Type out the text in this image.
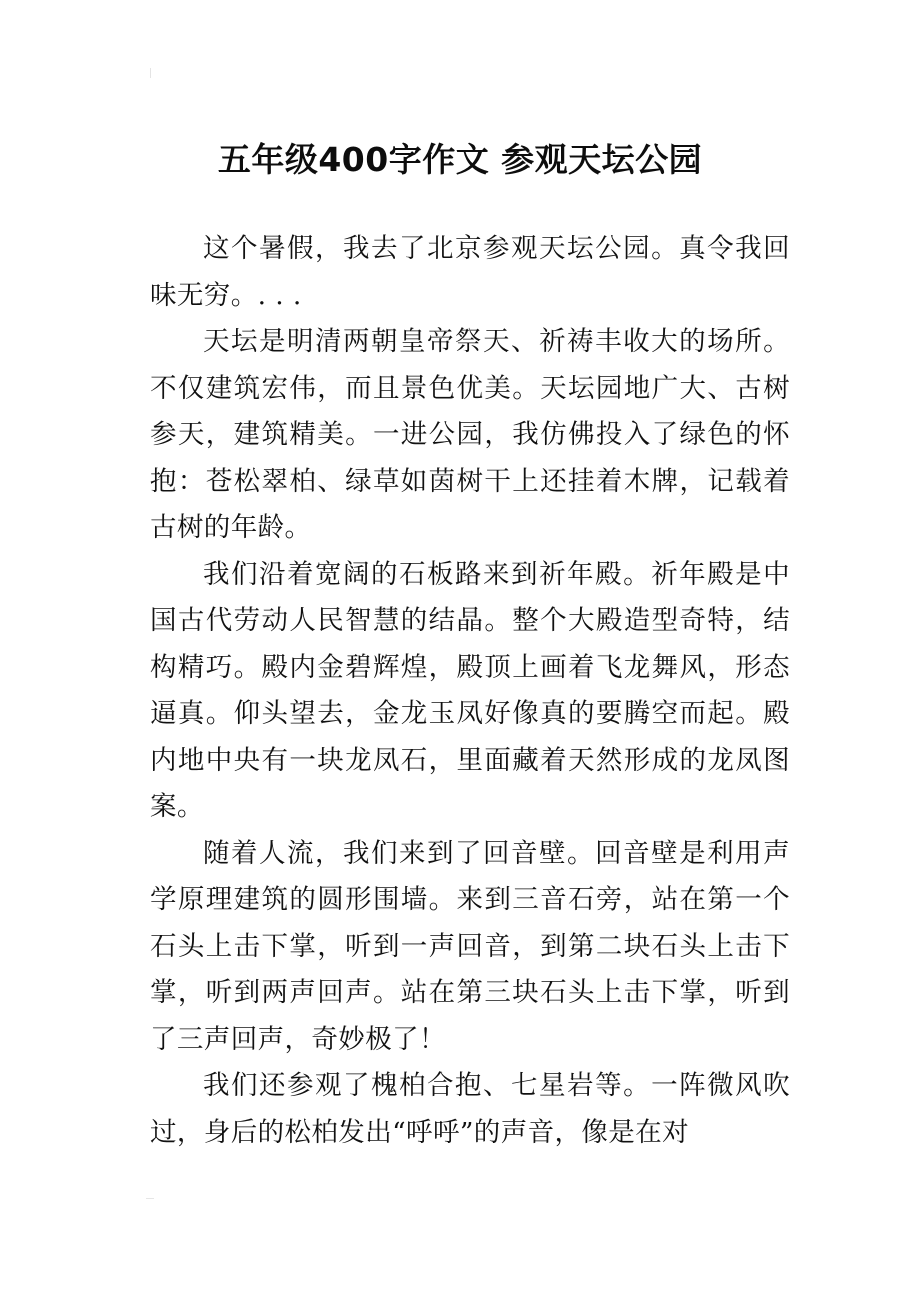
五年级400字作文 参观天坛公园

这个暑假，我去了北京参观天坛公园。真令我回味无穷。. . .

天坛是明清两朝皇帝祭天、祈祷丰收大的场所。不仅建筑宏伟，而且景色优美。天坛园地广大、古树参天，建筑精美。一进公园，我仿佛投入了绿色的怀抱：苍松翠柏、绿草如茵树干上还挂着木牌，记载着古树的年龄。

我们沿着宽阔的石板路来到祈年殿。祈年殿是中国古代劳动人民智慧的结晶。整个大殿造型奇特，结构精巧。殿内金碧辉煌，殿顶上画着飞龙舞风，形态逼真。仰头望去，金龙玉凤好像真的要腾空而起。殿内地中央有一块龙凤石，里面藏着天然形成的龙凤图案。

随着人流，我们来到了回音壁。回音壁是利用声学原理建筑的圆形围墙。来到三音石旁，站在第一个石头上击下掌，听到一声回音，到第二块石头上击下掌，听到两声回声。站在第三块石头上击下掌，听到了三声回声，奇妙极了！

我们还参观了槐柏合抱、七星岩等。一阵微风吹过，身后的松柏发出“呼呼”的声音，像是在对
